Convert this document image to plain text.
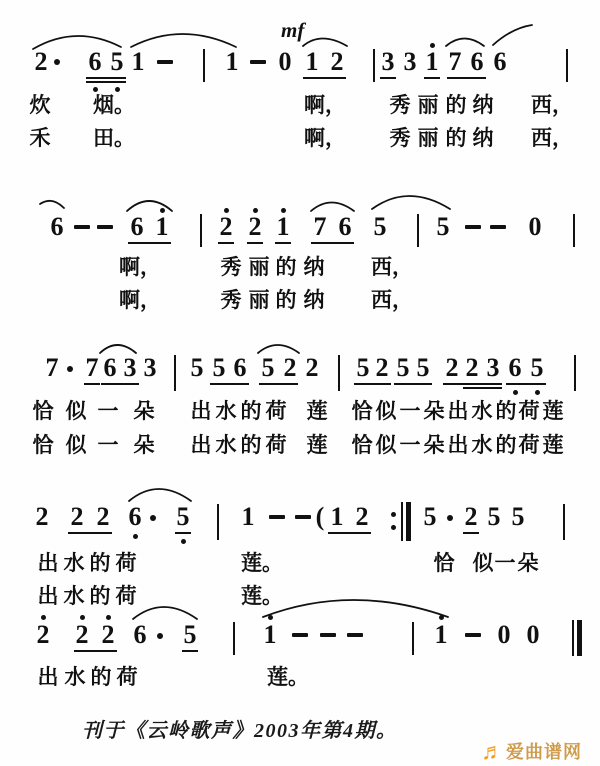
mf
刊于《云岭歌声》2003年第4期。
♬ 爱曲谱网
2 6 5 1	1 0 1 2 3 3 1 7 6 6
6	6 1 2 2 1 7 6 5 5	0
7 7 6 3 3 5 5 6 5 2 2 5 2 5 5 2 2 3 6 5
2 2 2 6 5 1 ( 1 2 5 2 5 5
2 2 2 6 5	1	1 0 0
炊 烟。	啊， 秀 丽 的 纳 西，
禾 田。	啊， 秀 丽 的 纳 西，
啊，	秀 丽 的 纳 西，
啊，	秀 丽 的 纳 西，
恰 似 一 朵 出 水 的 荷 莲 恰 似 一 朵 出 水 的 荷 莲
恰 似 一 朵 出 水 的 荷 莲 恰 似 一 朵 出 水 的 荷 莲
出 水 的 荷	莲。	恰 似 一 朵
出 水 的 荷	莲。
出 水 的 荷	莲。
